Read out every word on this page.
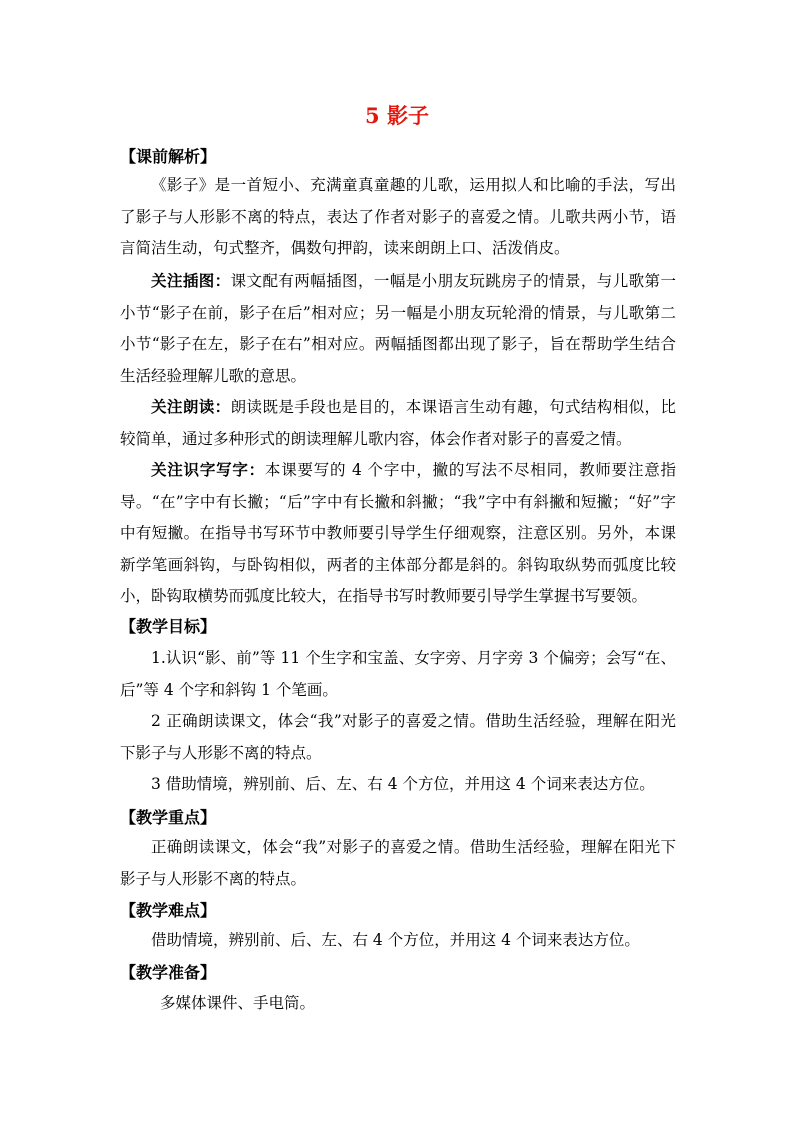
5 影子
【课前解析】

《影子》是一首短小、充满童真童趣的儿歌，运用拟人和比喻的手法，写出了影子与人形影不离的特点，表达了作者对影子的喜爱之情。儿歌共两小节，语言简洁生动，句式整齐，偶数句押韵，读来朗朗上口、活泼俏皮。

关注插图：课文配有两幅插图，一幅是小朋友玩跳房子的情景，与儿歌第一小节“影子在前，影子在后”相对应；另一幅是小朋友玩轮滑的情景，与儿歌第二小节“影子在左，影子在右”相对应。两幅插图都出现了影子，旨在帮助学生结合生活经验理解儿歌的意思。

关注朗读：朗读既是手段也是目的，本课语言生动有趣，句式结构相似，比较简单，通过多种形式的朗读理解儿歌内容，体会作者对影子的喜爱之情。

关注识字写字：本课要写的 4 个字中，撇的写法不尽相同，教师要注意指导。“在”字中有长撇；“后”字中有长撇和斜撇；“我”字中有斜撇和短撇；“好”字中有短撇。在指导书写环节中教师要引导学生仔细观察，注意区别。另外，本课新学笔画斜钩，与卧钩相似，两者的主体部分都是斜的。斜钩取纵势而弧度比较小，卧钩取横势而弧度比较大，在指导书写时教师要引导学生掌握书写要领。

【教学目标】

1.认识“影、前”等 11 个生字和宝盖、女字旁、月字旁 3 个偏旁；会写“在、后”等 4 个字和斜钩 1 个笔画。

2 正确朗读课文，体会“我”对影子的喜爱之情。借助生活经验，理解在阳光下影子与人形影不离的特点。

3 借助情境，辨别前、后、左、右 4 个方位，并用这 4 个词来表达方位。

【教学重点】

正确朗读课文，体会“我”对影子的喜爱之情。借助生活经验，理解在阳光下影子与人形影不离的特点。

【教学难点】

借助情境，辨别前、后、左、右 4 个方位，并用这 4 个词来表达方位。

【教学准备】

多媒体课件、手电筒。
